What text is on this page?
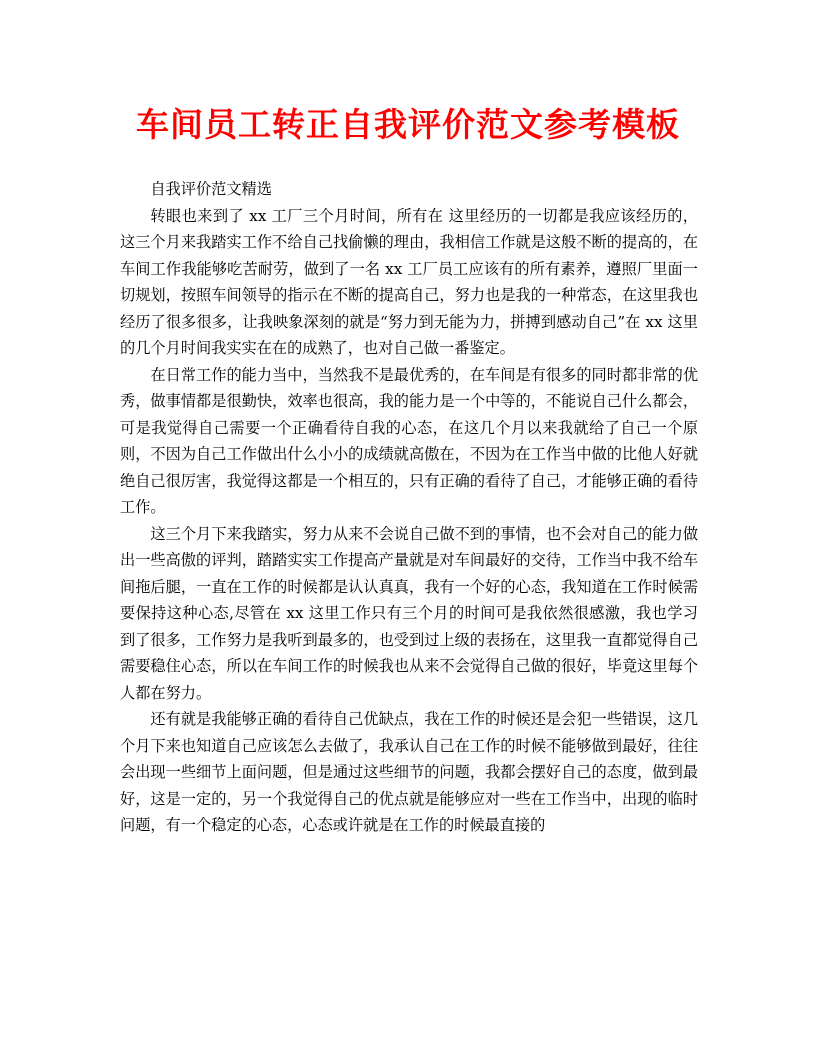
车间员工转正自我评价范文参考模板

自我评价范文精选

转眼也来到了 xx 工厂三个月时间，所有在 这里经历的一切都是我应该经历的，这三个月来我踏实工作不给自己找偷懒的理由，我相信工作就是这般不断的提高的，在车间工作我能够吃苦耐劳，做到了一名 xx 工厂员工应该有的所有素养，遵照厂里面一切规划，按照车间领导的指示在不断的提高自己，努力也是我的一种常态，在这里我也经历了很多很多，让我映象深刻的就是“努力到无能为力，拼搏到感动自己”在 xx 这里的几个月时间我实实在在的成熟了，也对自己做一番鉴定。

在日常工作的能力当中，当然我不是最优秀的，在车间是有很多的同时都非常的优秀，做事情都是很勤快，效率也很高，我的能力是一个中等的，不能说自己什么都会，可是我觉得自己需要一个正确看待自我的心态，在这几个月以来我就给了自己一个原则，不因为自己工作做出什么小小的成绩就高傲在，不因为在工作当中做的比他人好就绝自己很厉害，我觉得这都是一个相互的，只有正确的看待了自己，才能够正确的看待工作。

这三个月下来我踏实，努力从来不会说自己做不到的事情，也不会对自己的能力做出一些高傲的评判，踏踏实实工作提高产量就是对车间最好的交待，工作当中我不给车间拖后腿，一直在工作的时候都是认认真真，我有一个好的心态，我知道在工作时候需要保持这种心态,尽管在 xx 这里工作只有三个月的时间可是我依然很感激，我也学习到了很多，工作努力是我听到最多的，也受到过上级的表扬在，这里我一直都觉得自己需要稳住心态，所以在车间工作的时候我也从来不会觉得自己做的很好，毕竟这里每个人都在努力。

还有就是我能够正确的看待自己优缺点，我在工作的时候还是会犯一些错误，这几个月下来也知道自己应该怎么去做了，我承认自己在工作的时候不能够做到最好，往往会出现一些细节上面问题，但是通过这些细节的问题，我都会摆好自己的态度，做到最好，这是一定的，另一个我觉得自己的优点就是能够应对一些在工作当中，出现的临时问题，有一个稳定的心态，心态或许就是在工作的时候最直接的
